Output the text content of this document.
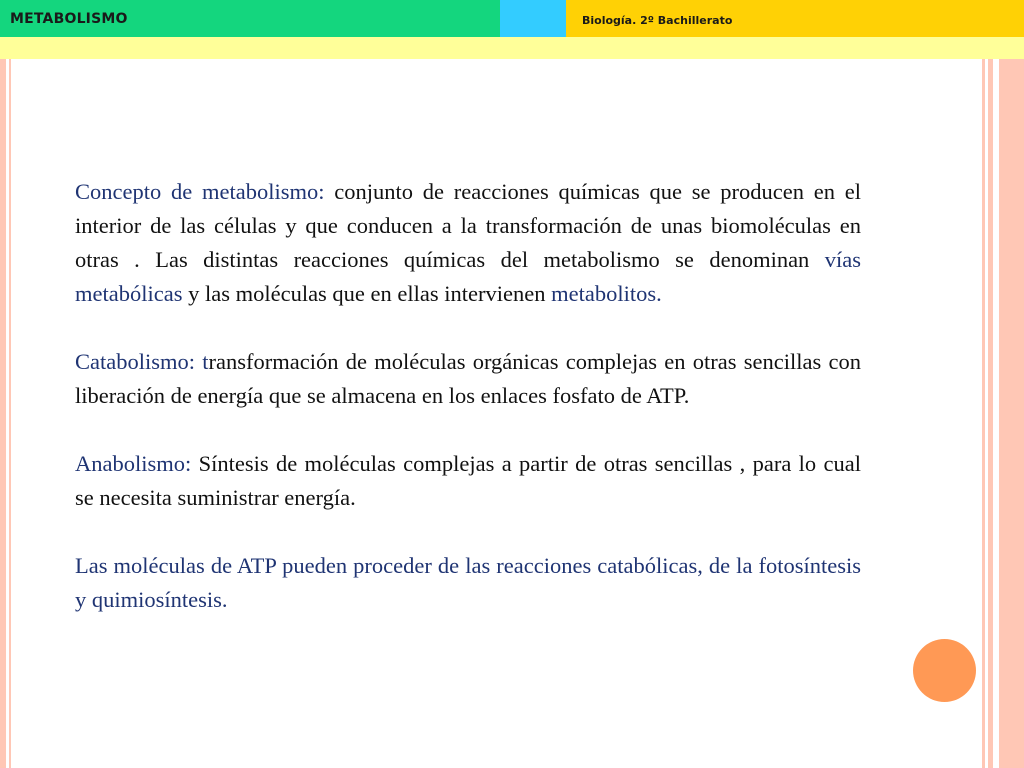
METABOLISMO	Biología. 2º Bachillerato

Concepto de metabolismo: conjunto de reacciones químicas que se producen en el interior de las células y que conducen a la transformación de unas biomoléculas en otras . Las distintas reacciones químicas del metabolismo se denominan vías metabólicas y las moléculas que en ellas intervienen metabolitos.

Catabolismo: transformación de moléculas orgánicas complejas en otras sencillas con liberación de energía que se almacena en los enlaces fosfato de ATP.

Anabolismo: Síntesis de moléculas complejas a partir de otras sencillas , para lo cual se necesita suministrar energía.

Las moléculas de ATP pueden proceder de las reacciones catabólicas, de la fotosíntesis y quimiosíntesis.
